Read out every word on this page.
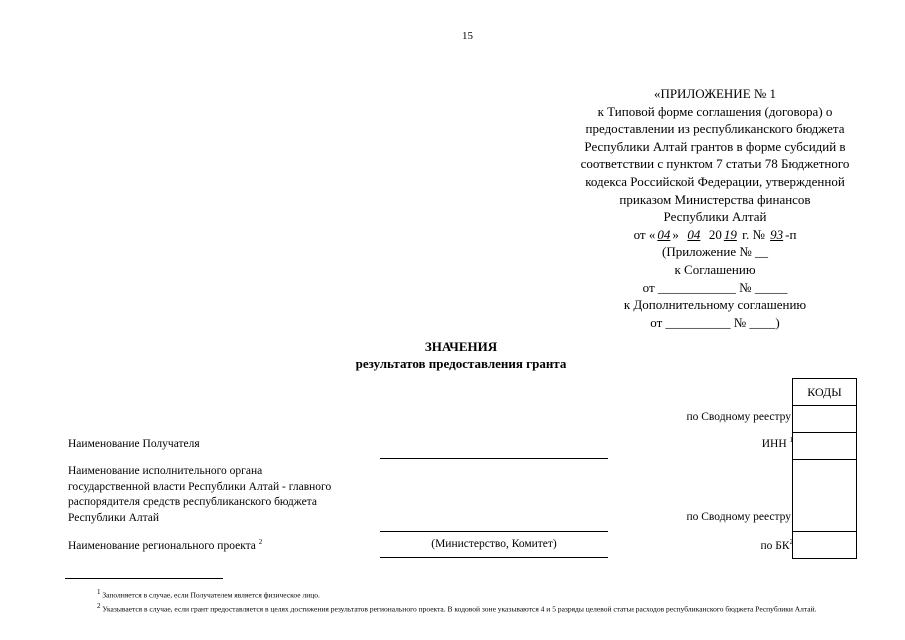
15
«ПРИЛОЖЕНИЕ № 1
к Типовой форме соглашения (договора) о
предоставлении из республиканского бюджета
Республики Алтай грантов в форме субсидий в
соответствии с пунктом 7 статьи 78 Бюджетного
кодекса Российской Федерации, утвержденной
приказом Министерства финансов
Республики Алтай
от « 04 » 04 20 19 г. № 93 -п
(Приложение № __
к Соглашению
от ____________ № _____
к Дополнительному соглашению
от __________ № ____)
ЗНАЧЕНИЯ
результатов предоставления гранта
КОДЫ

по Сводному реестру
Наименование Получателя	ИНН $^1$
Наименование исполнительного органа
государственной власти Республики Алтай - главного
распорядителя средств республиканского бюджета
Республики Алтай	по Сводному реестру
Наименование регионального проекта $^2$	(Министерство, Комитет)	по $БК^2$

$^1$ Заполняется в случае, если Получателем является физическое лицо.

$^2$ Указывается в случае, если грант предоставляется в целях достижения результатов регионального проекта. В кодовой зоне указываются 4 и 5 разряды целевой статьи расходов республиканского бюджета Республики Алтай.
